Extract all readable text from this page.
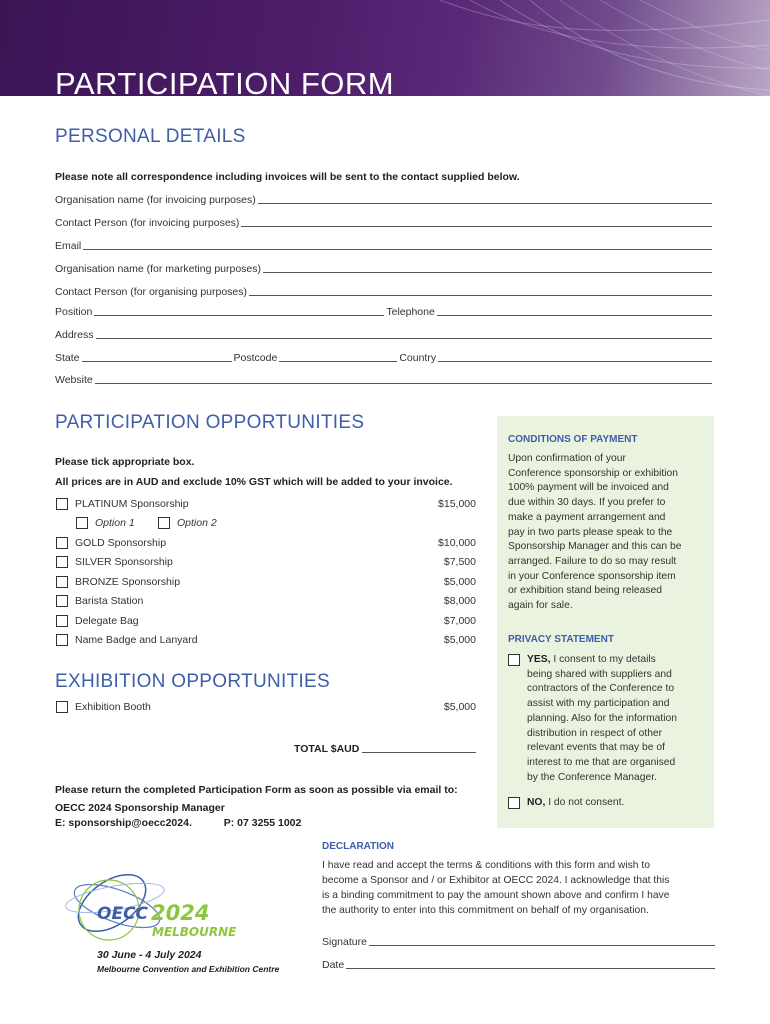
PARTICIPATION FORM
PERSONAL DETAILS
Please note all correspondence including invoices will be sent to the contact supplied below.
Organisation name (for invoicing purposes)
Contact Person (for invoicing purposes)
Email
Organisation name (for marketing purposes)
Contact Person (for organising purposes)
Position	Telephone
Address
State	Postcode	Country
Website
PARTICIPATION OPPORTUNITIES
Please tick appropriate box.
All prices are in AUD and exclude 10% GST which will be added to your invoice.
PLATINUM Sponsorship	$15,000
Option 1	Option 2
GOLD Sponsorship	$10,000
SILVER Sponsorship	$7,500
BRONZE Sponsorship	$5,000
Barista Station	$8,000
Delegate Bag	$7,000
Name Badge and Lanyard	$5,000
EXHIBITION OPPORTUNITIES
Exhibition Booth	$5,000
TOTAL $AUD
Please return the completed Participation Form as soon as possible via email to:
OECC 2024 Sponsorship Manager
E: sponsorship@oecc2024.	P: 07 3255 1002
CONDITIONS OF PAYMENT
Upon confirmation of your
Conference sponsorship or exhibition
100% payment will be invoiced and
due within 30 days. If you prefer to
make a payment arrangement and
pay in two parts please speak to the
Sponsorship Manager and this can be
arranged. Failure to do so may result
in your Conference sponsorship item
or exhibition stand being released
again for sale.
PRIVACY STATEMENT
YES, I consent to my details
being shared with suppliers and
contractors of the Conference to
assist with my participation and
planning. Also for the information
distribution in respect of other
relevant events that may be of
interest to me that are organised
by the Conference Manager.
NO, I do not consent.
DECLARATION
I have read and accept the terms & conditions with this form and wish to
become a Sponsor and / or Exhibitor at OECC 2024. I acknowledge that this
is a binding commitment to pay the amount shown above and confirm I have
the authority to enter into this commitment on behalf of my organisation.
Signature
Date
OECC 2024
MELBOURNE
30 June - 4 July 2024
Melbourne Convention and Exhibition Centre
